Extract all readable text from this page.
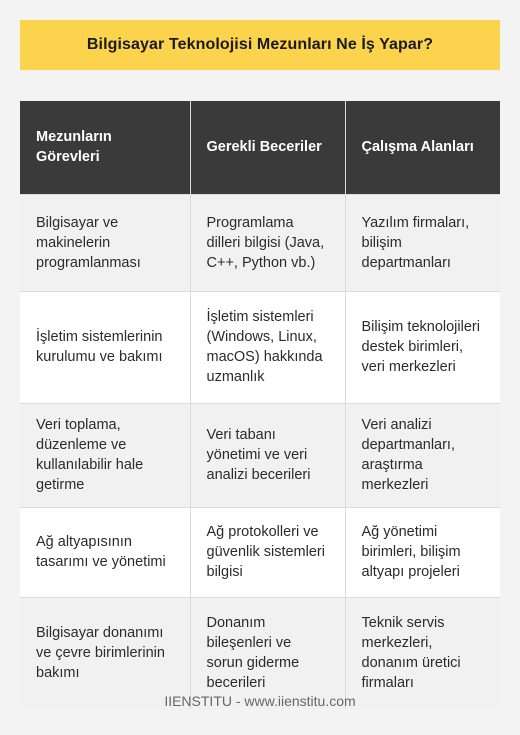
Bilgisayar Teknolojisi Mezunları Ne İş Yapar?
Mezunların Görevleri	Gerekli Beceriler	Çalışma Alanları
Bilgisayar ve makinelerin programlanması	Programlama dilleri bilgisi (Java, C++, Python vb.)	Yazılım firmaları, bilişim departmanları
İşletim sistemlerinin kurulumu ve bakımı	İşletim sistemleri (Windows, Linux, macOS) hakkında uzmanlık	Bilişim teknolojileri destek birimleri, veri merkezleri
Veri toplama, düzenleme ve kullanılabilir hale getirme	Veri tabanı yönetimi ve veri analizi becerileri	Veri analizi departmanları, araştırma merkezleri
Ağ altyapısının tasarımı ve yönetimi	Ağ protokolleri ve güvenlik sistemleri bilgisi	Ağ yönetimi birimleri, bilişim altyapı projeleri
Bilgisayar donanımı ve çevre birimlerinin bakımı	Donanım bileşenleri ve sorun giderme becerileri	Teknik servis merkezleri, donanım üretici firmaları
IIENSTITU - www.iienstitu.com
